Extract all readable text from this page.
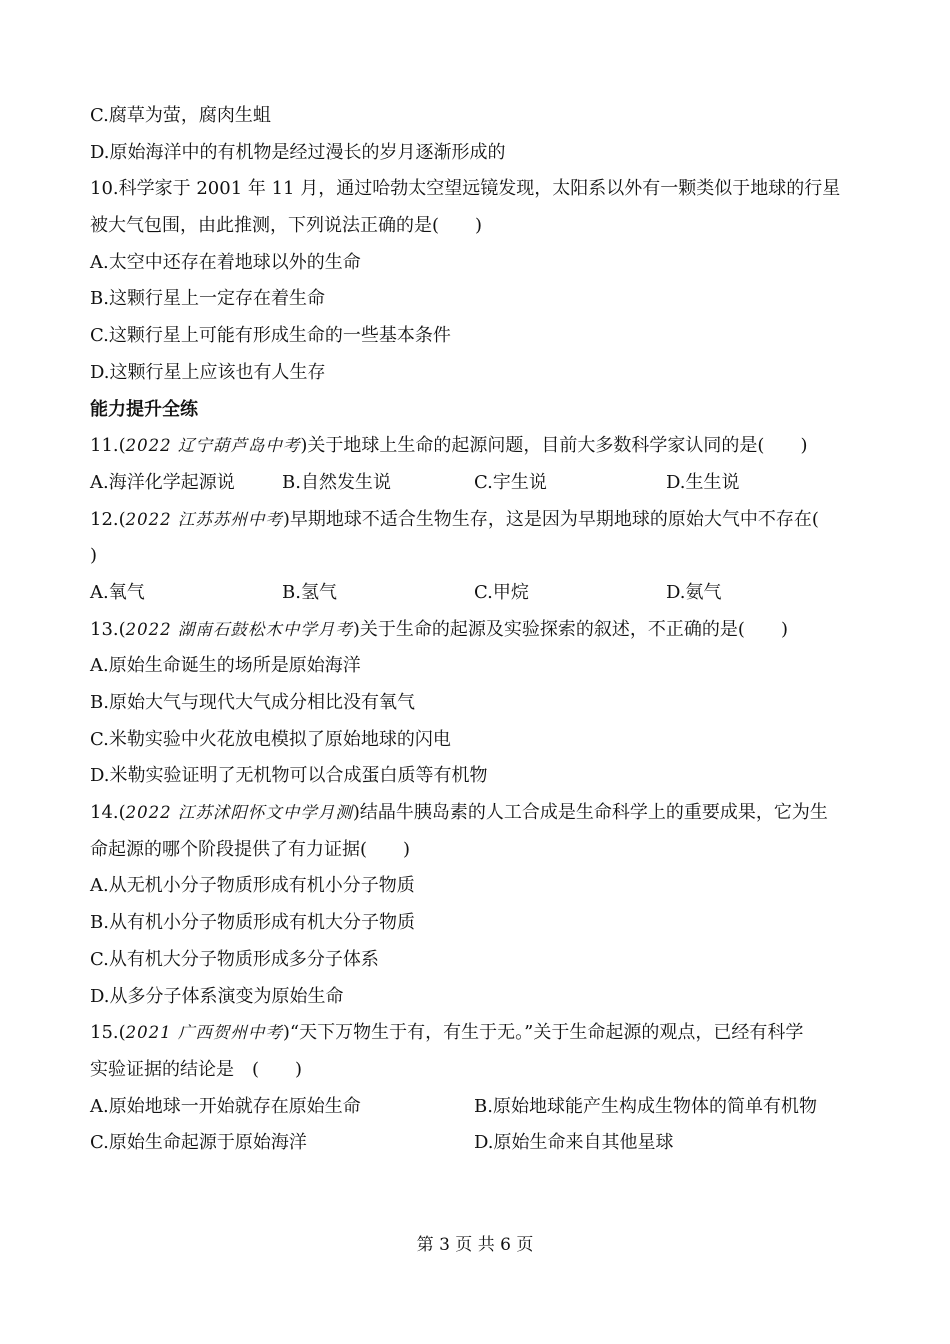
C.腐草为萤，腐肉生蛆
D.原始海洋中的有机物是经过漫长的岁月逐渐形成的
10.科学家于 2001 年 11 月，通过哈勃太空望远镜发现，太阳系以外有一颗类似于地球的行星
被大气包围，由此推测，下列说法正确的是(　　)
A.太空中还存在着地球以外的生命
B.这颗行星上一定存在着生命
C.这颗行星上可能有形成生命的一些基本条件
D.这颗行星上应该也有人生存
能力提升全练
11.(2022 辽宁葫芦岛中考)关于地球上生命的起源问题，目前大多数科学家认同的是(　　)
A.海洋化学起源说	B.自然发生说	C.宇生说	D.生生说
12.(2022 江苏苏州中考)早期地球不适合生物生存，这是因为早期地球的原始大气中不存在(
)
A.氧气	B.氢气	C.甲烷	D.氨气
13.(2022 湖南石鼓松木中学月考)关于生命的起源及实验探索的叙述，不正确的是(　　)
A.原始生命诞生的场所是原始海洋
B.原始大气与现代大气成分相比没有氧气
C.米勒实验中火花放电模拟了原始地球的闪电
D.米勒实验证明了无机物可以合成蛋白质等有机物
14.(2022 江苏沭阳怀文中学月测)结晶牛胰岛素的人工合成是生命科学上的重要成果，它为生
命起源的哪个阶段提供了有力证据(　　)
A.从无机小分子物质形成有机小分子物质
B.从有机小分子物质形成有机大分子物质
C.从有机大分子物质形成多分子体系
D.从多分子体系演变为原始生命
15.(2021 广西贺州中考)“天下万物生于有，有生于无。”关于生命起源的观点，已经有科学
实验证据的结论是　(　　)
A.原始地球一开始就存在原始生命	B.原始地球能产生构成生物体的简单有机物
C.原始生命起源于原始海洋	D.原始生命来自其他星球
第 3 页 共 6 页
